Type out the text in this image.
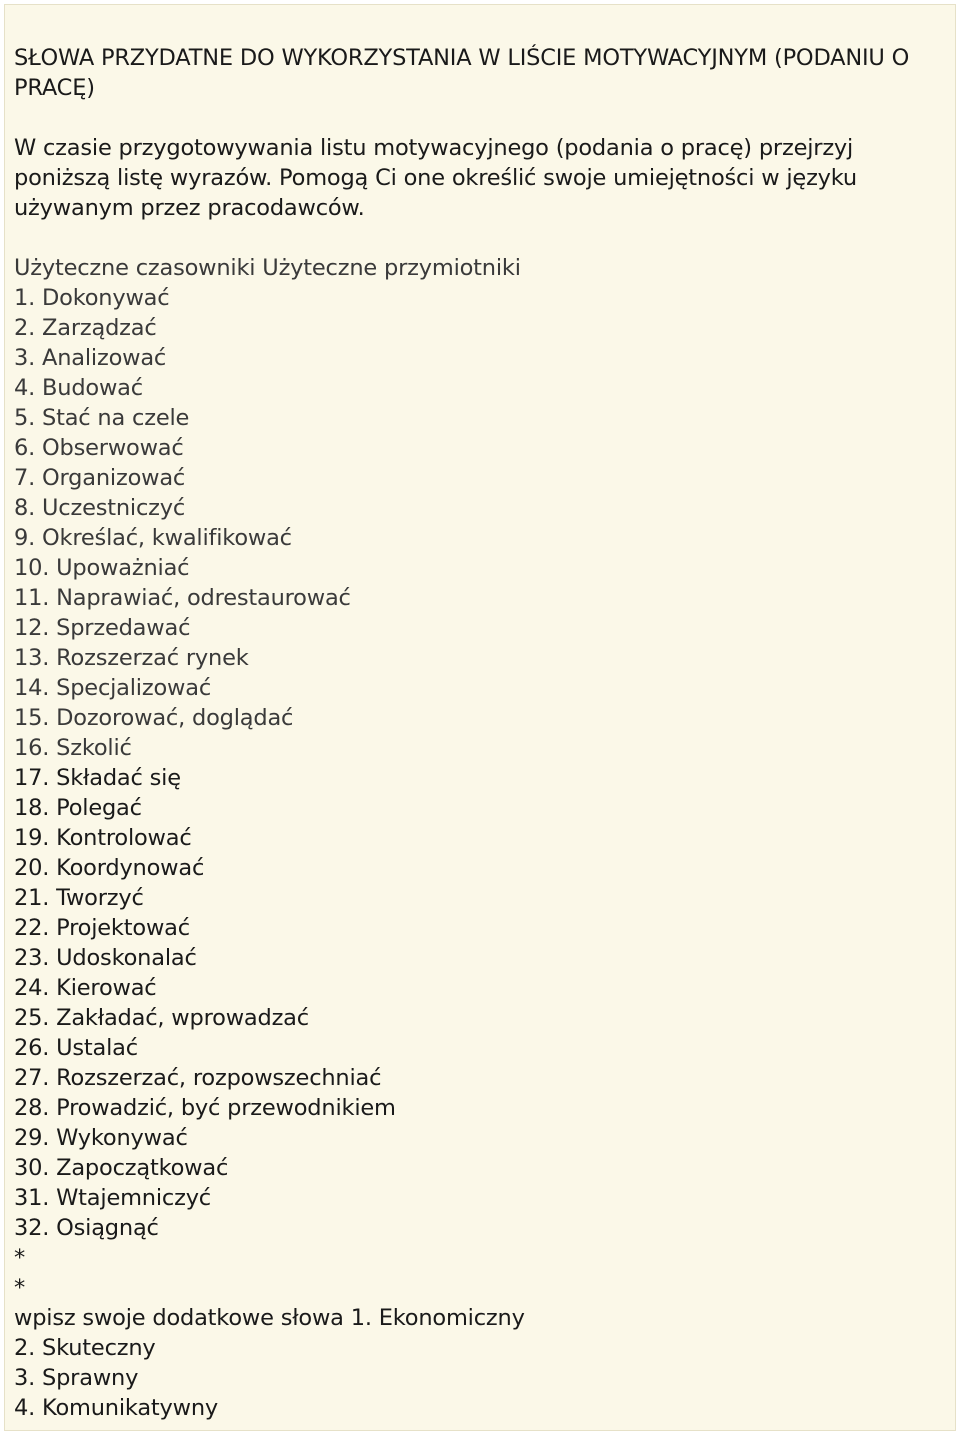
SŁOWA PRZYDATNE DO WYKORZYSTANIA W LIŚCIE MOTYWACYJNYM (PODANIU O PRACĘ)

W czasie przygotowywania listu motywacyjnego (podania o pracę) przejrzyj poniższą listę wyrazów. Pomogą Ci one określić swoje umiejętności w języku używanym przez pracodawców.

Użyteczne czasowniki Użyteczne przymiotniki

1. Dokonywać
2. Zarządzać
3. Analizować
4. Budować
5. Stać na czele
6. Obserwować
7. Organizować
8. Uczestniczyć
9. Określać, kwalifikować
10. Upoważniać
11. Naprawiać, odrestaurować
12. Sprzedawać
13. Rozszerzać rynek
14. Specjalizować
15. Dozorować, doglądać
16. Szkolić
17. Składać się
18. Polegać
19. Kontrolować
20. Koordynować
21. Tworzyć
22. Projektować
23. Udoskonalać
24. Kierować
25. Zakładać, wprowadzać
26. Ustalać
27. Rozszerzać, rozpowszechniać
28. Prowadzić, być przewodnikiem
29. Wykonywać
30. Zapoczątkować
31. Wtajemniczyć
32. Osiągnąć
*
*
wpisz swoje dodatkowe słowa 1. Ekonomiczny
2. Skuteczny
3. Sprawny
4. Komunikatywny
